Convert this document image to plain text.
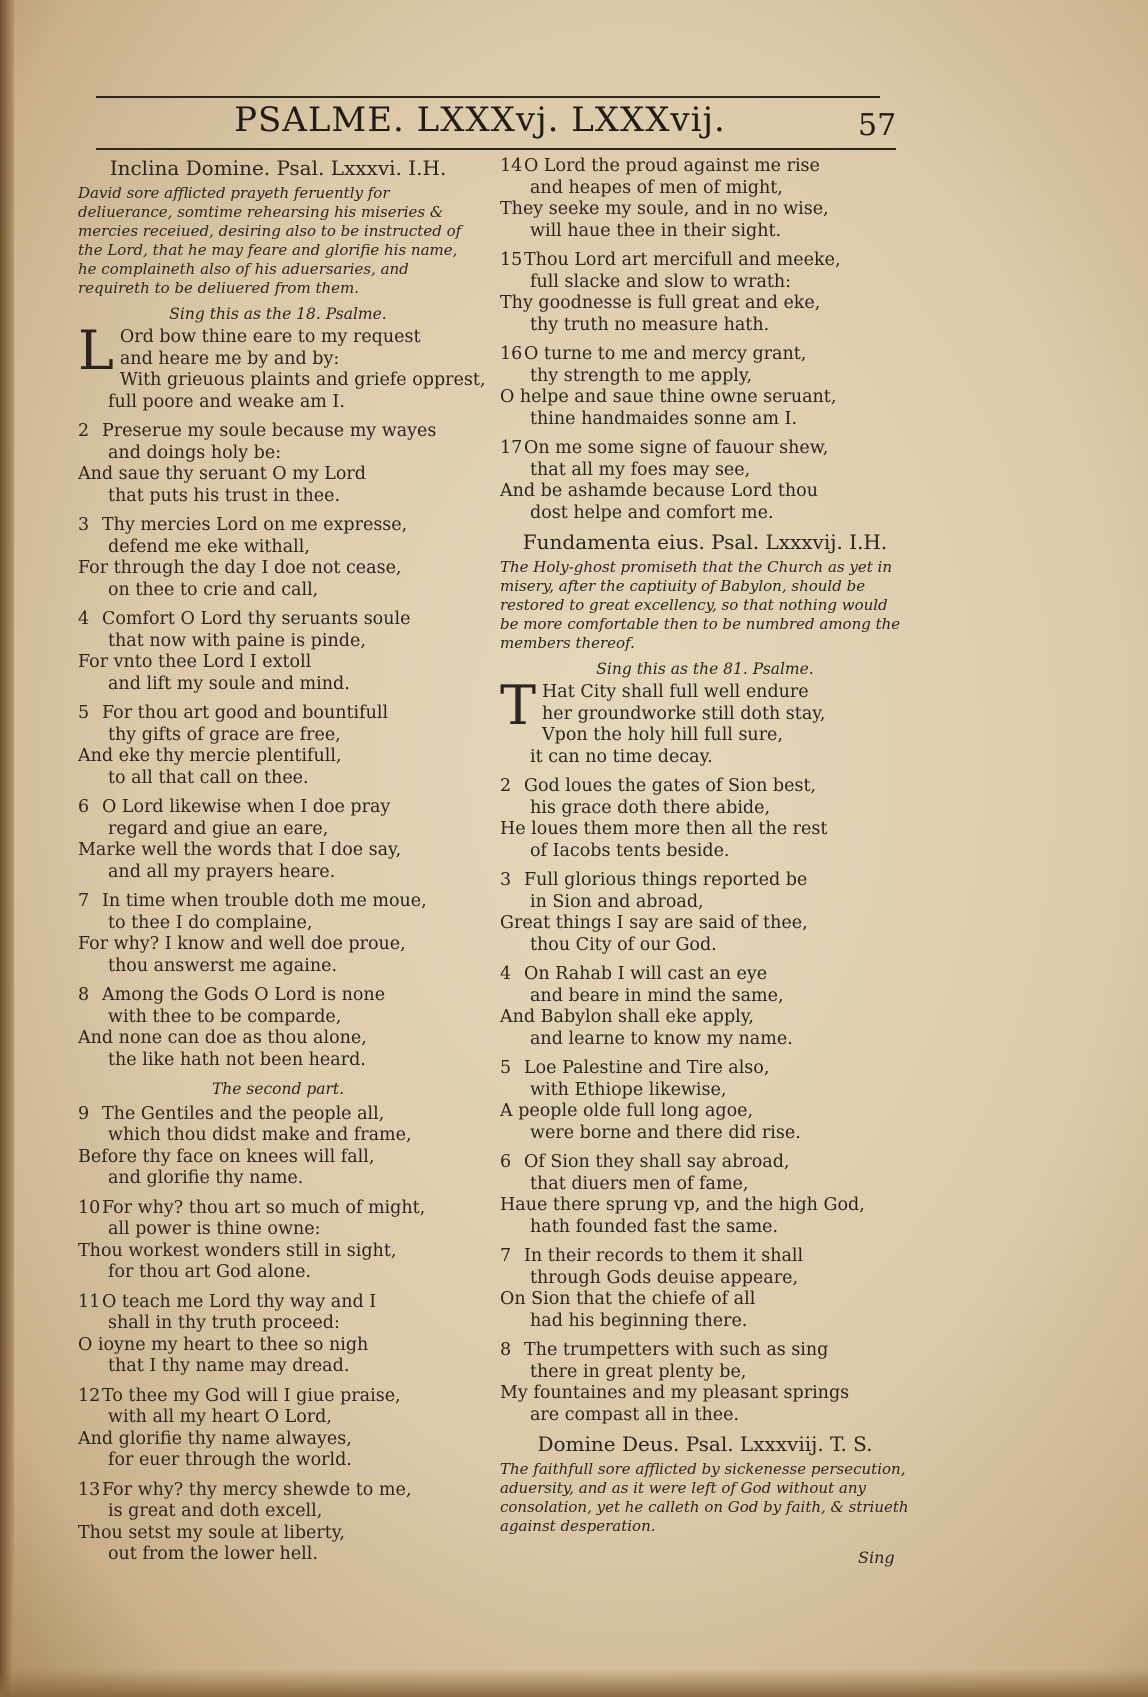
PSALME. LXXXvj. LXXXvij.	57
Inclina Domine. Psal. Lxxxvi. I.H.
David sore afflicted prayeth feruently for deliuerance, somtime rehearsing his miseries & mercies receiued, desiring also to be instructed of the Lord, that he may feare and glorifie his name, he complaineth also of his aduersaries, and requireth to be deliuered from them.
Sing this as the 18. Psalme.
L Ord bow thine eare to my request
and heare me by and by:
With grieuous plaints and griefe opprest,
full poore and weake am I.
2 Preserue my soule because my wayes
and doings holy be:
And saue thy seruant O my Lord
that puts his trust in thee.
3 Thy mercies Lord on me expresse,
defend me eke withall,
For through the day I doe not cease,
on thee to crie and call,
4 Comfort O Lord thy seruants soule
that now with paine is pinde,
For vnto thee Lord I extoll
and lift my soule and mind.
5 For thou art good and bountifull
thy gifts of grace are free,
And eke thy mercie plentifull,
to all that call on thee.
6 O Lord likewise when I doe pray
regard and giue an eare,
Marke well the words that I doe say,
and all my prayers heare.
7 In time when trouble doth me moue,
to thee I do complaine,
For why? I know and well doe proue,
thou answerst me againe.
8 Among the Gods O Lord is none
with thee to be comparde,
And none can doe as thou alone,
the like hath not been heard.
The second part.
9 The Gentiles and the people all,
which thou didst make and frame,
Before thy face on knees will fall,
and glorifie thy name.
10For why? thou art so much of might,
all power is thine owne:
Thou workest wonders still in sight,
for thou art God alone.
11O teach me Lord thy way and I
shall in thy truth proceed:
O ioyne my heart to thee so nigh
that I thy name may dread.
12To thee my God will I giue praise,
with all my heart O Lord,
And glorifie thy name alwayes,
for euer through the world.
13For why? thy mercy shewde to me,
is great and doth excell,
Thou setst my soule at liberty,
out from the lower hell.
14O Lord the proud against me rise
and heapes of men of might,
They seeke my soule, and in no wise,
will haue thee in their sight.
15Thou Lord art mercifull and meeke,
full slacke and slow to wrath:
Thy goodnesse is full great and eke,
thy truth no measure hath.
16O turne to me and mercy grant,
thy strength to me apply,
O helpe and saue thine owne seruant,
thine handmaides sonne am I.
17On me some signe of fauour shew,
that all my foes may see,
And be ashamde because Lord thou
dost helpe and comfort me.
Fundamenta eius. Psal. Lxxxvij. I.H.
The Holy-ghost promiseth that the Church as yet in misery, after the captiuity of Babylon, should be restored to great excellency, so that nothing would be more comfortable then to be numbred among the members thereof.
Sing this as the 81. Psalme.
T Hat City shall full well endure
her groundworke still doth stay,
Vpon the holy hill full sure,
it can no time decay.
2 God loues the gates of Sion best,
his grace doth there abide,
He loues them more then all the rest
of Iacobs tents beside.
3 Full glorious things reported be
in Sion and abroad,
Great things I say are said of thee,
thou City of our God.
4 On Rahab I will cast an eye
and beare in mind the same,
And Babylon shall eke apply,
and learne to know my name.
5 Loe Palestine and Tire also,
with Ethiope likewise,
A people olde full long agoe,
were borne and there did rise.
6 Of Sion they shall say abroad,
that diuers men of fame,
Haue there sprung vp, and the high God,
hath founded fast the same.
7 In their records to them it shall
through Gods deuise appeare,
On Sion that the chiefe of all
had his beginning there.
8 The trumpetters with such as sing
there in great plenty be,
My fountaines and my pleasant springs
are compast all in thee.
Domine Deus. Psal. Lxxxviij. T. S.
The faithfull sore afflicted by sickenesse persecution, aduersity, and as it were left of God without any consolation, yet he calleth on God by faith, & striueth against desperation.
Sing
